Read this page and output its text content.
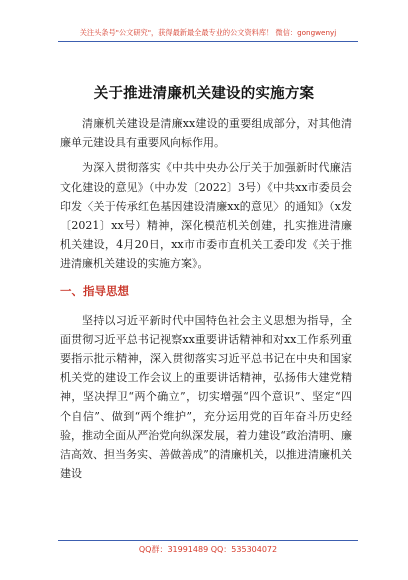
关注头条号"公文研究"，获得最新最全最专业的公文资料库！ 微信：gongwenyj
关于推进清廉机关建设的实施方案

清廉机关建设是清廉xx建设的重要组成部分，对其他清廉单元建设具有重要风向标作用。

为深入贯彻落实《中共中央办公厅关于加强新时代廉洁文化建设的意见》（中办发〔2022〕3号）《中共xx市委员会印发〈关于传承红色基因建设清廉xx的意见〉的通知》（x发〔2021〕xx号）精神，深化模范机关创建，扎实推进清廉机关建设，4月20日，xx市市委市直机关工委印发《关于推进清廉机关建设的实施方案》。

一、指导思想

坚持以习近平新时代中国特色社会主义思想为指导，全面贯彻习近平总书记视察xx重要讲话精神和对xx工作系列重要指示批示精神，深入贯彻落实习近平总书记在中央和国家机关党的建设工作会议上的重要讲话精神，弘扬伟大建党精神，坚决捍卫“两个确立”，切实增强“四个意识”、坚定“四个自信”、做到“两个维护”，充分运用党的百年奋斗历史经验，推动全面从严治党向纵深发展，着力建设“政治清明、廉洁高效、担当务实、善做善成”的清廉机关，以推进清廉机关建设

QQ群：31991489 QQ：535304072
